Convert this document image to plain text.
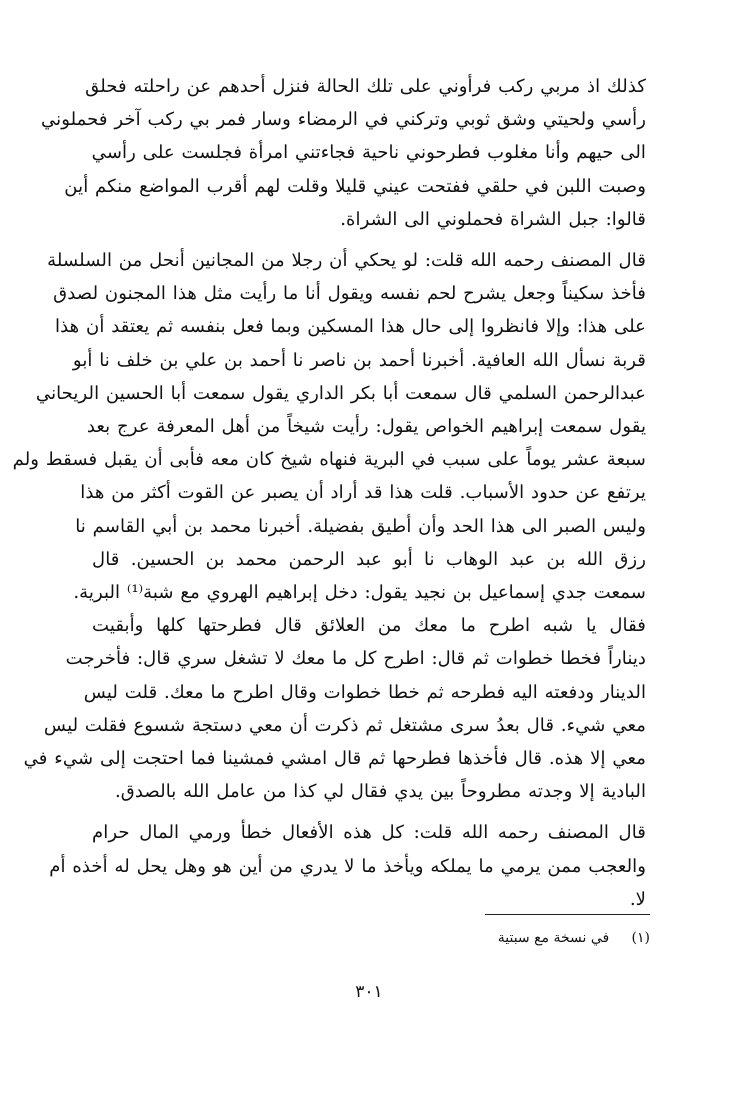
كذلك اذ مربي ركب فرأوني على تلك الحالة فنزل أحدهم عن راحلته فحلق
رأسي ولحيتي وشق ثوبي وتركني في الرمضاء وسار فمر بي ركب آخر فحملوني
الى حيهم وأنا مغلوب فطرحوني ناحية فجاءتني امرأة فجلست على رأسي
وصبت اللبن في حلقي ففتحت عيني قليلا وقلت لهم أقرب المواضع منكم أين
قالوا: جبل الشراة فحملوني الى الشراة.
قال المصنف رحمه الله قلت: لو يحكي أن رجلا من المجانين أنحل من السلسلة
فأخذ سكيناً وجعل يشرح لحم نفسه ويقول أنا ما رأيت مثل هذا المجنون لصدق
على هذا: وإلا فانظروا إلى حال هذا المسكين وبما فعل بنفسه ثم يعتقد أن هذا
قربة نسأل الله العافية. أخبرنا أحمد بن ناصر نا أحمد بن علي بن خلف نا أبو
عبدالرحمن السلمي قال سمعت أبا بكر الداري يقول سمعت أبا الحسين الريحاني
يقول سمعت إبراهيم الخواص يقول: رأيت شيخاً من أهل المعرفة عرج بعد
سبعة عشر يوماً على سبب في البرية فنهاه شيخ كان معه فأبى أن يقبل فسقط ولم
يرتفع عن حدود الأسباب. قلت هذا قد أراد أن يصبر عن القوت أكثر من هذا
وليس الصبر الى هذا الحد وأن أطيق بفضيلة. أخبرنا محمد بن أبي القاسم نا
رزق الله بن عبد الوهاب نا أبو عبد الرحمن محمد بن الحسين. قال
سمعت جدي إسماعيل بن نجيد يقول: دخل إبراهيم الهروي مع شبة⁽¹⁾ البرية.
فقال يا شبه اطرح ما معك من العلائق قال فطرحتها كلها وأبقيت
ديناراً فخطا خطوات ثم قال: اطرح كل ما معك لا تشغل سري قال: فأخرجت
الدينار ودفعته اليه فطرحه ثم خطا خطوات وقال اطرح ما معك. قلت ليس
معي شيء. قال بعدُ سرى مشتغل ثم ذكرت أن معي دستجة شسوع فقلت ليس
معي إلا هذه. قال فأخذها فطرحها ثم قال امشي فمشينا فما احتجت إلى شيء في
البادية إلا وجدته مطروحاً بين يدي فقال لي كذا من عامل الله بالصدق.
قال المصنف رحمه الله قلت: كل هذه الأفعال خطأ ورمي المال حرام
والعجب ممن يرمي ما يملكه ويأخذ ما لا يدري من أين هو وهل يحل له أخذه أم
لا.
(١)     في نسخة مع سبتية
٣٠١
